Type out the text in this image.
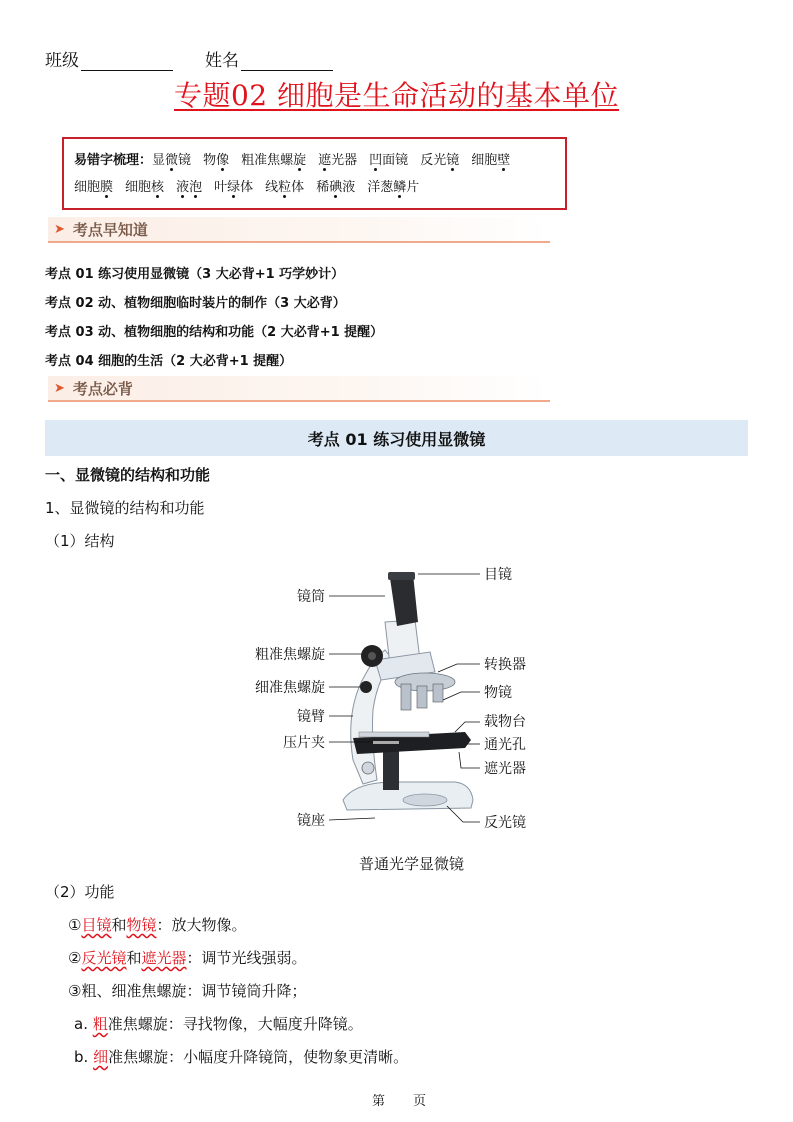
班级	姓名
专题02 细胞是生命活动的基本单位
易错字梳理：显微镜 物像 粗准焦螺旋 遮光器 凹面镜 反光镜 细胞壁
细胞膜 细胞核 液泡 叶绿体 线粒体 稀碘液 洋葱鳞片
➤ 考点早知道
考点 01 练习使用显微镜（3 大必背+1 巧学妙计）
考点 02 动、植物细胞临时装片的制作（3 大必背）
考点 03 动、植物细胞的结构和功能（2 大必背+1 提醒）
考点 04 细胞的生活（2 大必背+1 提醒）
➤ 考点必背
考点 01 练习使用显微镜
一、显微镜的结构和功能
1、显微镜的结构和功能
（1）结构
镜筒
粗准焦螺旋
细准焦螺旋
镜臂
压片夹
镜座
目镜
转换器
物镜
载物台
通光孔
遮光器
反光镜
普通光学显微镜
（2）功能
①目镜和物镜：放大物像。
②反光镜和遮光器：调节光线强弱。
③粗、细准焦螺旋：调节镜筒升降；
a. 粗准焦螺旋：寻找物像，大幅度升降镜。
b. 细准焦螺旋：小幅度升降镜筒，使物象更清晰。
第 页
